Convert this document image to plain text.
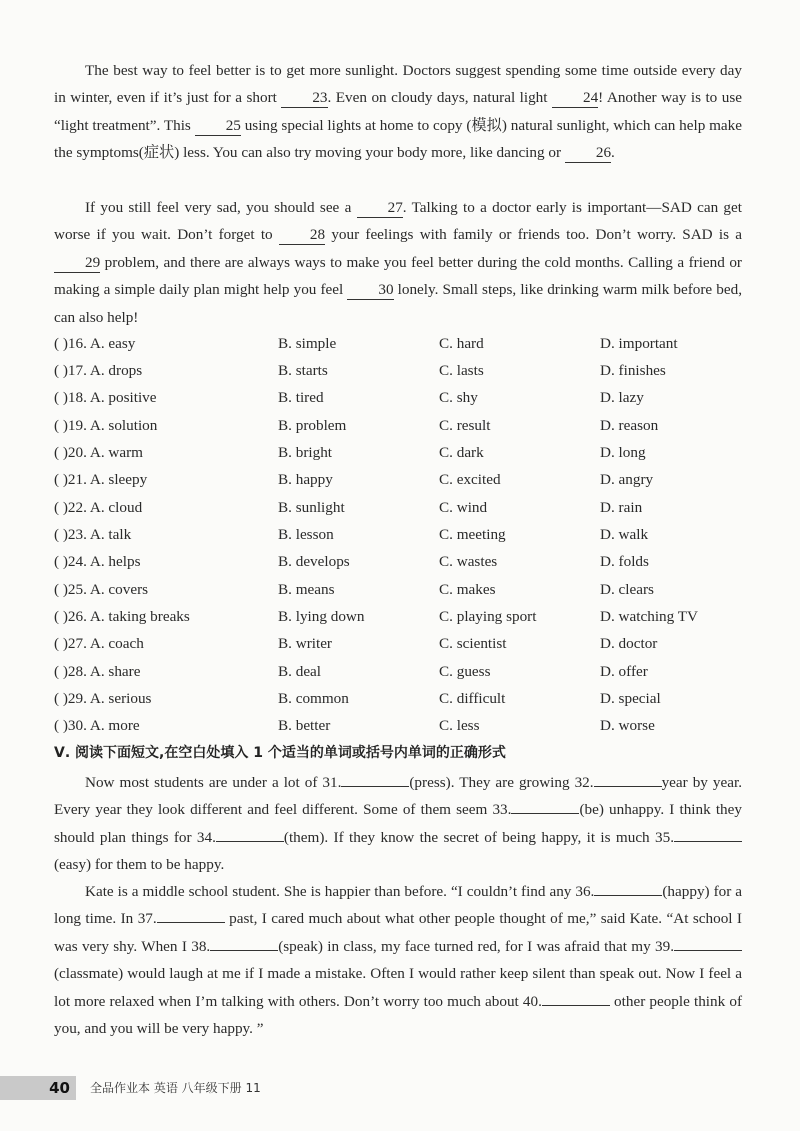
The best way to feel better is to get more sunlight. Doctors suggest spending some time outside every day in winter, even if it’s just for a short 23. Even on cloudy days, natural light 24! Another way is to use “light treatment”. This 25 using special lights at home to copy (模拟) natural sunlight, which can help make the symptoms(症状) less. You can also try moving your body more, like dancing or 26.

If you still feel very sad, you should see a 27. Talking to a doctor early is important—SAD can get worse if you wait. Don’t forget to 28 your feelings with family or friends too. Don’t worry. SAD is a 29 problem, and there are always ways to make you feel better during the cold months. Calling a friend or making a simple daily plan might help you feel 30 lonely. Small steps, like drinking warm milk before bed, can also help!

( )16. A. easy	B. simple	C. hard	D. important
( )17. A. drops	B. starts	C. lasts	D. finishes
( )18. A. positive	B. tired	C. shy	D. lazy
( )19. A. solution	B. problem	C. result	D. reason
( )20. A. warm	B. bright	C. dark	D. long
( )21. A. sleepy	B. happy	C. excited	D. angry
( )22. A. cloud	B. sunlight	C. wind	D. rain
( )23. A. talk	B. lesson	C. meeting	D. walk
( )24. A. helps	B. develops	C. wastes	D. folds
( )25. A. covers	B. means	C. makes	D. clears
( )26. A. taking breaks	B. lying down	C. playing sport	D. watching TV
( )27. A. coach	B. writer	C. scientist	D. doctor
( )28. A. share	B. deal	C. guess	D. offer
( )29. A. serious	B. common	C. difficult	D. special
( )30. A. more	B. better	C. less	D. worse
Ⅴ. 阅读下面短文,在空白处填入 1 个适当的单词或括号内单词的正确形式

Now most students are under a lot of 31.	(press). They are growing 32.	year by year. Every year they look different and feel different. Some of them seem 33.	(be) unhappy. I think they should plan things for 34.	(them). If they know the secret of being happy, it is much 35.(easy) for them to be happy.

Kate is a middle school student. She is happier than before. “I couldn’t find any 36.	(happy) for a long time. In 37.	past, I cared much about what other people thought of me,” said Kate. “At school I was very shy. When I 38.	(speak) in class, my face turned red, for I was afraid that my 39.(classmate) would laugh at me if I made a mistake. Often I would rather keep silent than speak out. Now I feel a lot more relaxed when I’m talking with others. Don’t worry too much about 40.	other people think of you, and you will be very happy. ”

40	全品作业本 英语 八年级下册 11
